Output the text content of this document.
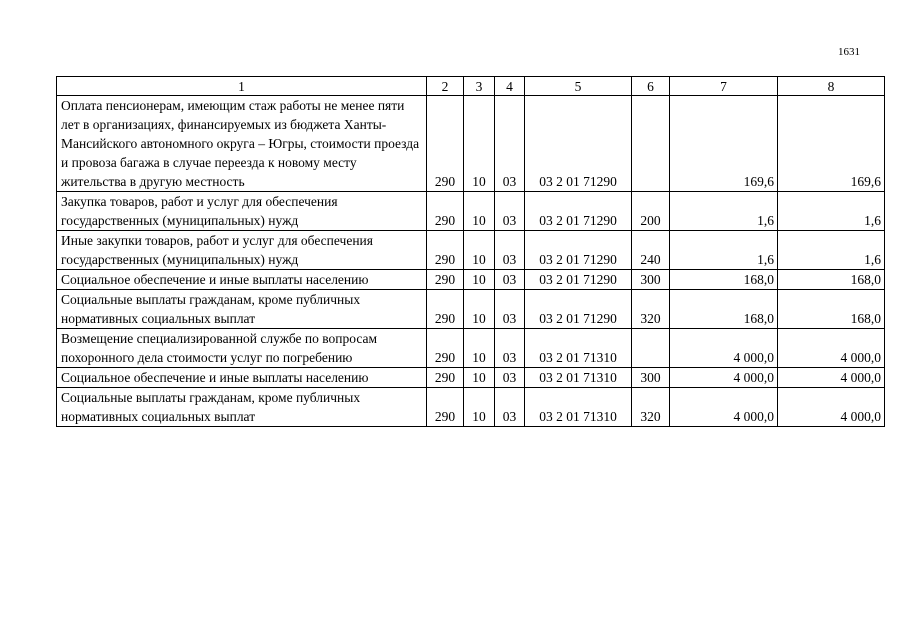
1631
1	2	3	4	5	6	7	8
Оплата пенсионерам, имеющим стаж работы не менее пяти лет в организациях, финансируемых из бюджета Ханты-Мансийского автономного округа – Югры, стоимости проезда и провоза багажа в случае переезда к новому месту жительства в другую местность	290	10	03	03 2 01 71290		169,6	169,6
Закупка товаров, работ и услуг для обеспечения государственных (муниципальных) нужд	290	10	03	03 2 01 71290	200	1,6	1,6
Иные закупки товаров, работ и услуг для обеспечения государственных (муниципальных) нужд	290	10	03	03 2 01 71290	240	1,6	1,6
Социальное обеспечение и иные выплаты населению	290	10	03	03 2 01 71290	300	168,0	168,0
Социальные выплаты гражданам, кроме публичных нормативных социальных выплат	290	10	03	03 2 01 71290	320	168,0	168,0
Возмещение специализированной службе по вопросам похоронного дела стоимости услуг по погребению	290	10	03	03 2 01 71310		4 000,0	4 000,0
Социальное обеспечение и иные выплаты населению	290	10	03	03 2 01 71310	300	4 000,0	4 000,0
Социальные выплаты гражданам, кроме публичных нормативных социальных выплат	290	10	03	03 2 01 71310	320	4 000,0	4 000,0
